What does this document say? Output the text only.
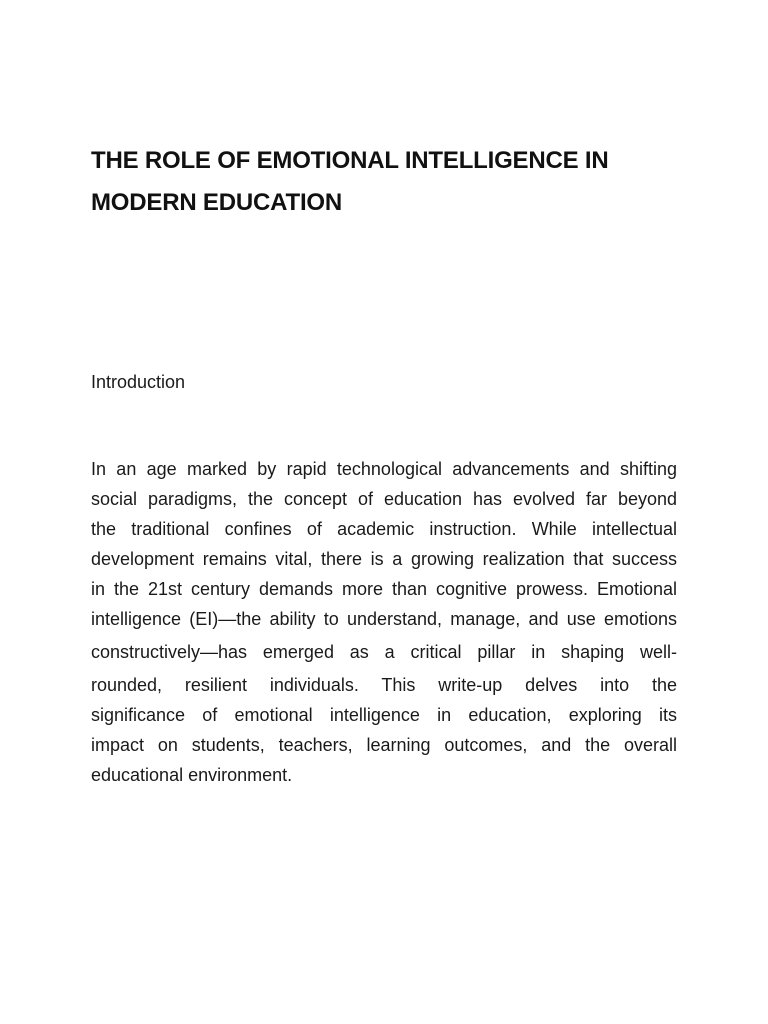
THE ROLE OF EMOTIONAL INTELLIGENCE IN
MODERN EDUCATION
Introduction
In an age marked by rapid technological advancements and shifting
social paradigms, the concept of education has evolved far beyond
the traditional confines of academic instruction. While intellectual
development remains vital, there is a growing realization that success
in the 21st century demands more than cognitive prowess. Emotional
intelligence (EI)—the ability to understand, manage, and use emotions
constructively—has emerged as a critical pillar in shaping well-
rounded, resilient individuals. This write-up delves into the
significance of emotional intelligence in education, exploring its
impact on students, teachers, learning outcomes, and the overall
educational environment.
